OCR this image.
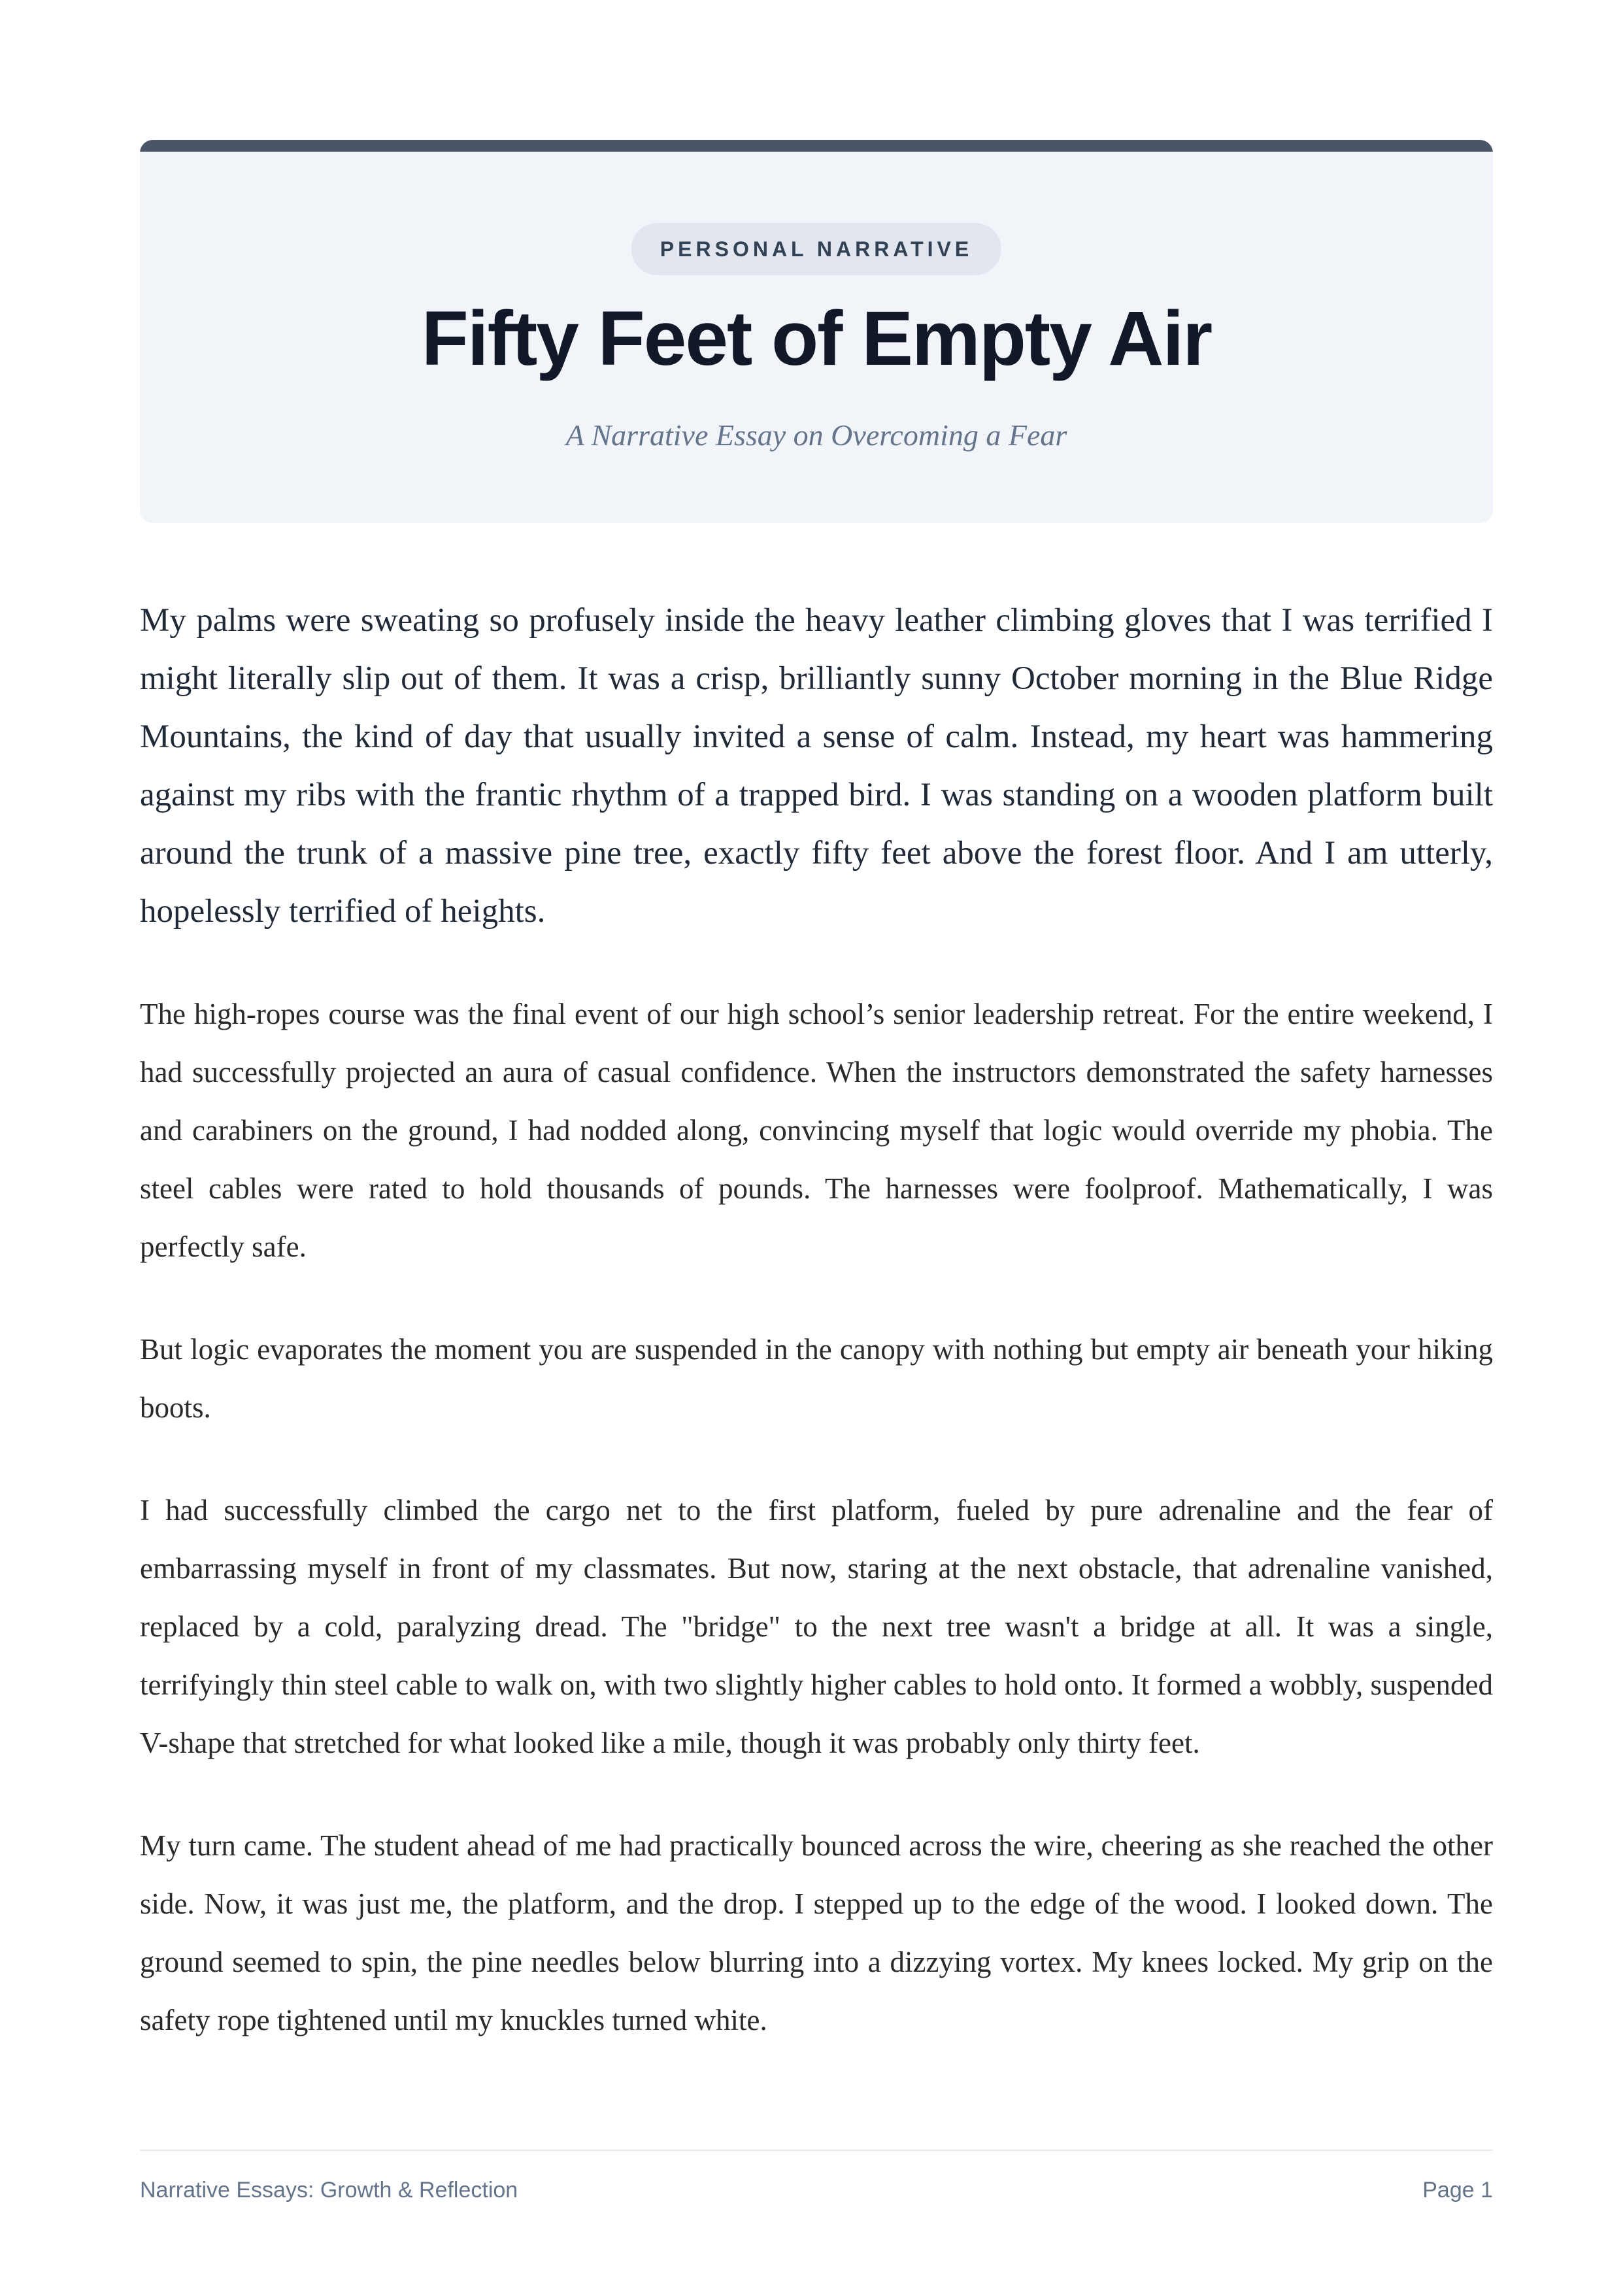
PERSONAL NARRATIVE
Fifty Feet of Empty Air

A Narrative Essay on Overcoming a Fear

My palms were sweating so profusely inside the heavy leather climbing gloves that I was terrified I might literally slip out of them. It was a crisp, brilliantly sunny October morning in the Blue Ridge Mountains, the kind of day that usually invited a sense of calm. Instead, my heart was hammering against my ribs with the frantic rhythm of a trapped bird. I was standing on a wooden platform built around the trunk of a massive pine tree, exactly fifty feet above the forest floor. And I am utterly, hopelessly terrified of heights.

The high-ropes course was the final event of our high school’s senior leadership retreat. For the entire weekend, I had successfully projected an aura of casual confidence. When the instructors demonstrated the safety harnesses and carabiners on the ground, I had nodded along, convincing myself that logic would override my phobia. The steel cables were rated to hold thousands of pounds. The harnesses were foolproof. Mathematically, I was perfectly safe.

But logic evaporates the moment you are suspended in the canopy with nothing but empty air beneath your hiking boots.

I had successfully climbed the cargo net to the first platform, fueled by pure adrenaline and the fear of embarrassing myself in front of my classmates. But now, staring at the next obstacle, that adrenaline vanished, replaced by a cold, paralyzing dread. The "bridge" to the next tree wasn't a bridge at all. It was a single, terrifyingly thin steel cable to walk on, with two slightly higher cables to hold onto. It formed a wobbly, suspended V-shape that stretched for what looked like a mile, though it was probably only thirty feet.

My turn came. The student ahead of me had practically bounced across the wire, cheering as she reached the other side. Now, it was just me, the platform, and the drop. I stepped up to the edge of the wood. I looked down. The ground seemed to spin, the pine needles below blurring into a dizzying vortex. My knees locked. My grip on the safety rope tightened until my knuckles turned white.

Narrative Essays: Growth & Reflection	Page 1
